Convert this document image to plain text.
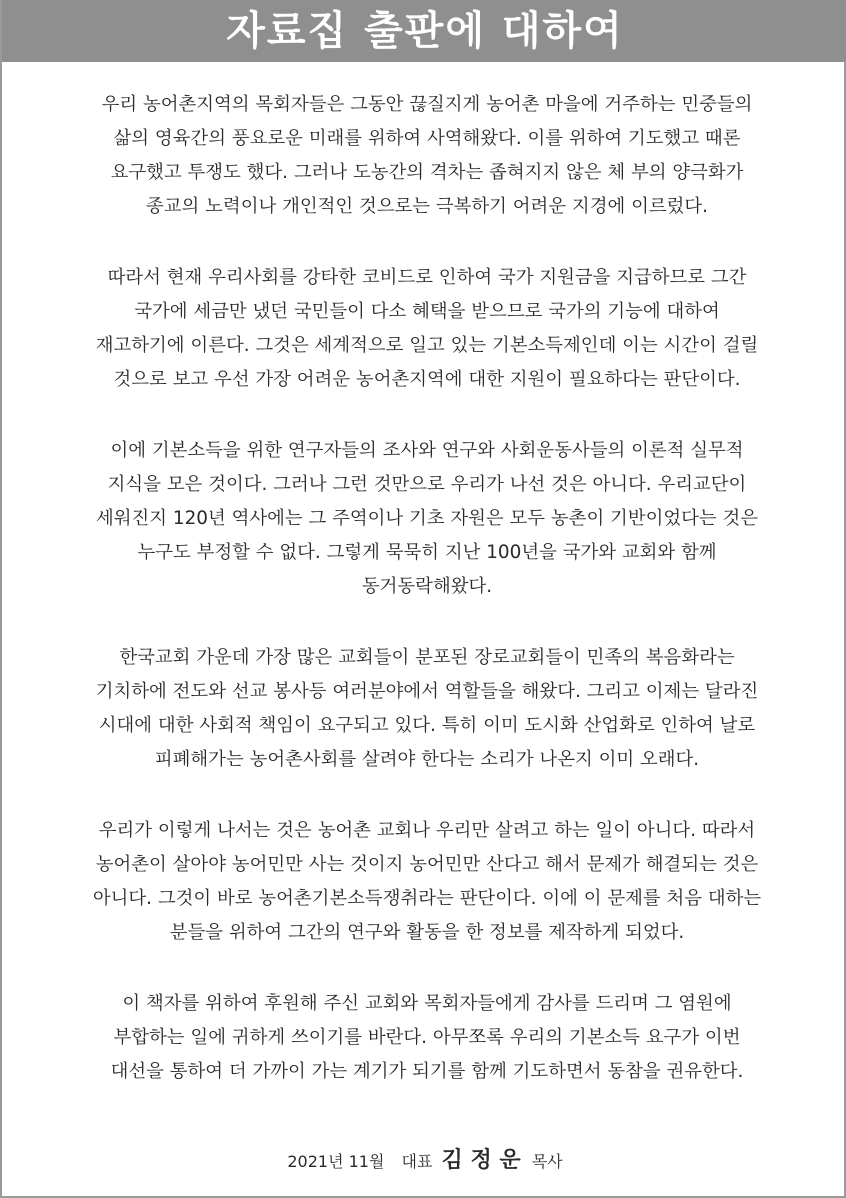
자료집 출판에 대하여
우리 농어촌지역의 목회자들은 그동안 끊질지게 농어촌 마을에 거주하는 민중들의
삶의 영육간의 풍요로운 미래를 위하여 사역해왔다. 이를 위하여 기도했고 때론
요구했고 투쟁도 했다. 그러나 도농간의 격차는 좁혀지지 않은 체 부의 양극화가
종교의 노력이나 개인적인 것으로는 극복하기 어려운 지경에 이르렀다.
따라서 현재 우리사회를 강타한 코비드로 인하여 국가 지원금을 지급하므로 그간
국가에 세금만 냈던 국민들이 다소 혜택을 받으므로 국가의 기능에 대하여
재고하기에 이른다. 그것은 세계적으로 일고 있는 기본소득제인데 이는 시간이 걸릴
것으로 보고 우선 가장 어려운 농어촌지역에 대한 지원이 필요하다는 판단이다.
이에 기본소득을 위한 연구자들의 조사와 연구와 사회운동사들의 이론적 실무적
지식을 모은 것이다. 그러나 그런 것만으로 우리가 나선 것은 아니다. 우리교단이
세워진지 120년 역사에는 그 주역이나 기초 자원은 모두 농촌이 기반이었다는 것은
누구도 부정할 수 없다. 그렇게 묵묵히 지난 100년을 국가와 교회와 함께
동거동락해왔다.
한국교회 가운데 가장 많은 교회들이 분포된 장로교회들이 민족의 복음화라는
기치하에 전도와 선교 봉사등 여러분야에서 역할들을 해왔다. 그리고 이제는 달라진
시대에 대한 사회적 책임이 요구되고 있다. 특히 이미 도시화 산업화로 인하여 날로
피폐해가는 농어촌사회를 살려야 한다는 소리가 나온지 이미 오래다.
우리가 이렇게 나서는 것은 농어촌 교회나 우리만 살려고 하는 일이 아니다. 따라서
농어촌이 살아야 농어민만 사는 것이지 농어민만 산다고 해서 문제가 해결되는 것은
아니다. 그것이 바로 농어촌기본소득쟁취라는 판단이다. 이에 이 문제를 처음 대하는
분들을 위하여 그간의 연구와 활동을 한 정보를 제작하게 되었다.
이 책자를 위하여 후원해 주신 교회와 목회자들에게 감사를 드리며 그 염원에
부합하는 일에 귀하게 쓰이기를 바란다. 아무쪼록 우리의 기본소득 요구가 이번
대선을 통하여 더 가까이 가는 계기가 되기를 함께 기도하면서 동참을 권유한다.
2021년 11월 대표 김 정 운 목사
